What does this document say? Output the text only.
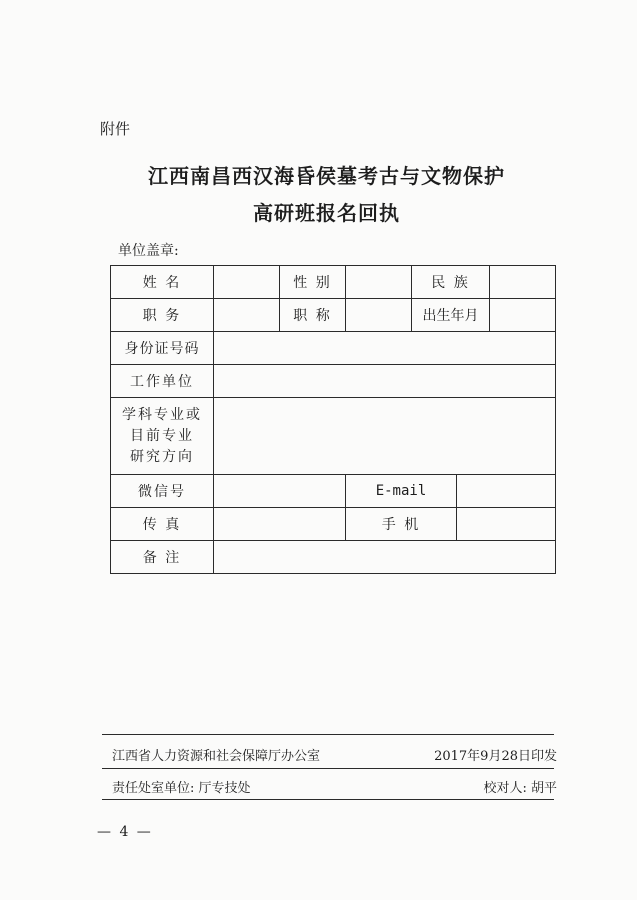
附件
江西南昌西汉海昏侯墓考古与文物保护
高研班报名回执
单位盖章:
姓 名		性 别		民 族		
职 务		职 称		出生年月		
身份证号码						
工作单位						

学科专业或
目前专业
研究方向						

微信号			E-mail			
传 真			手 机			
备 注						
江西省人力资源和社会保障厅办公室	2017年9月28日印发
责任处室单位: 厅专技处	校对人: 胡平
— 4 —
